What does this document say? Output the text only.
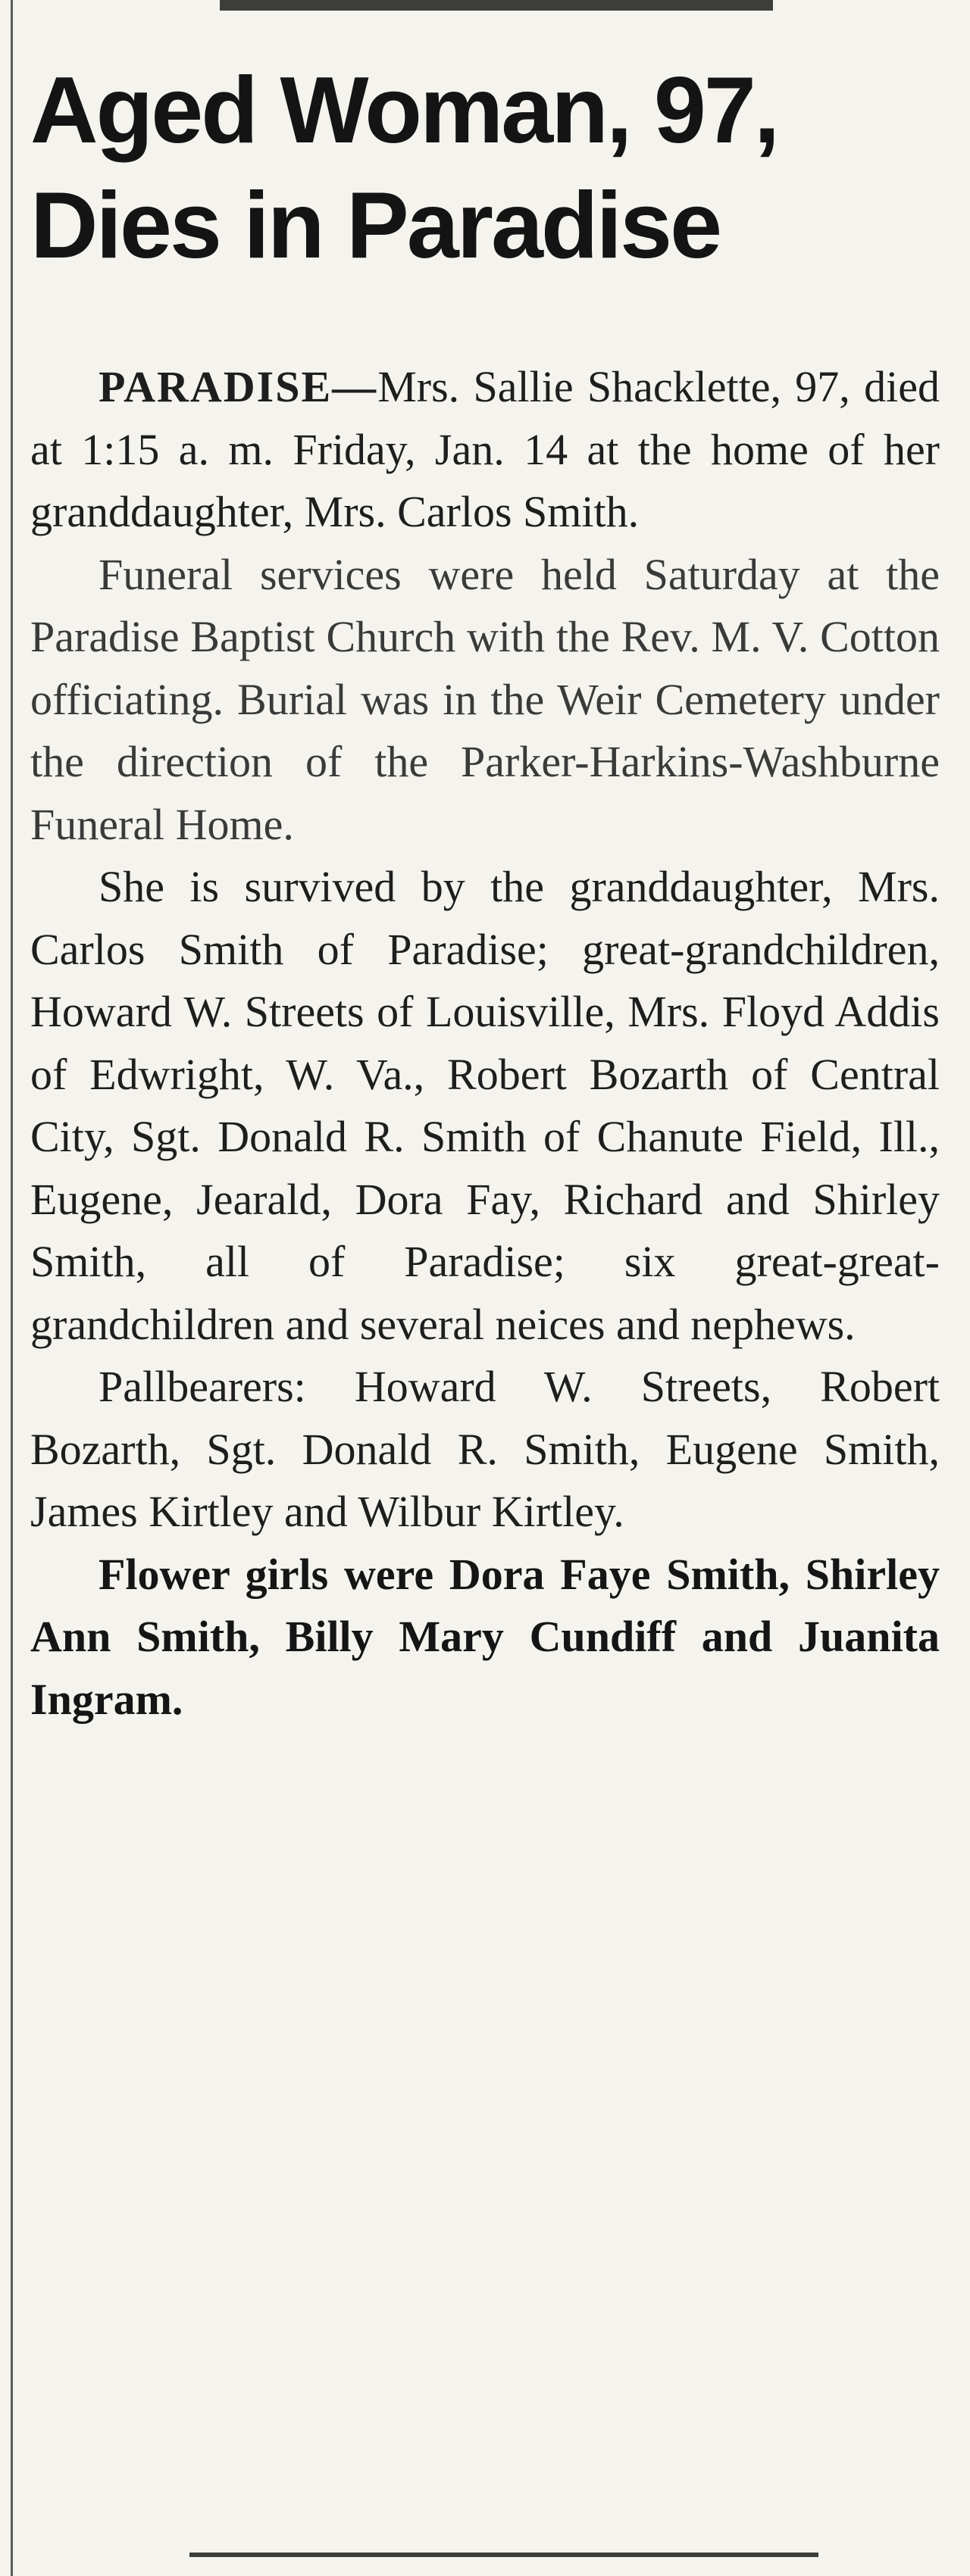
Aged Woman, 97,
Dies in Paradise

PARADISE—Mrs. Sallie Shacklette, 97, died at 1:15 a. m. Friday, Jan. 14 at the home of her granddaughter, Mrs. Carlos Smith.

Funeral services were held Saturday at the Paradise Baptist Church with the Rev. M. V. Cotton officiating. Burial was in the Weir Cemetery under the direction of the Parker-Harkins-Washburne Funeral Home.

She is survived by the granddaughter, Mrs. Carlos Smith of Paradise; great-grandchildren, Howard W. Streets of Louisville, Mrs. Floyd Addis of Edwright, W. Va., Robert Bozarth of Central City, Sgt. Donald R. Smith of Chanute Field, Ill., Eugene, Jearald, Dora Fay, Richard and Shirley Smith, all of Paradise; six great-great-grandchildren and several neices and nephews.

Pallbearers: Howard W. Streets, Robert Bozarth, Sgt. Donald R. Smith, Eugene Smith, James Kirtley and Wilbur Kirtley.

Flower girls were Dora Faye Smith, Shirley Ann Smith, Billy Mary Cundiff and Juanita Ingram.
